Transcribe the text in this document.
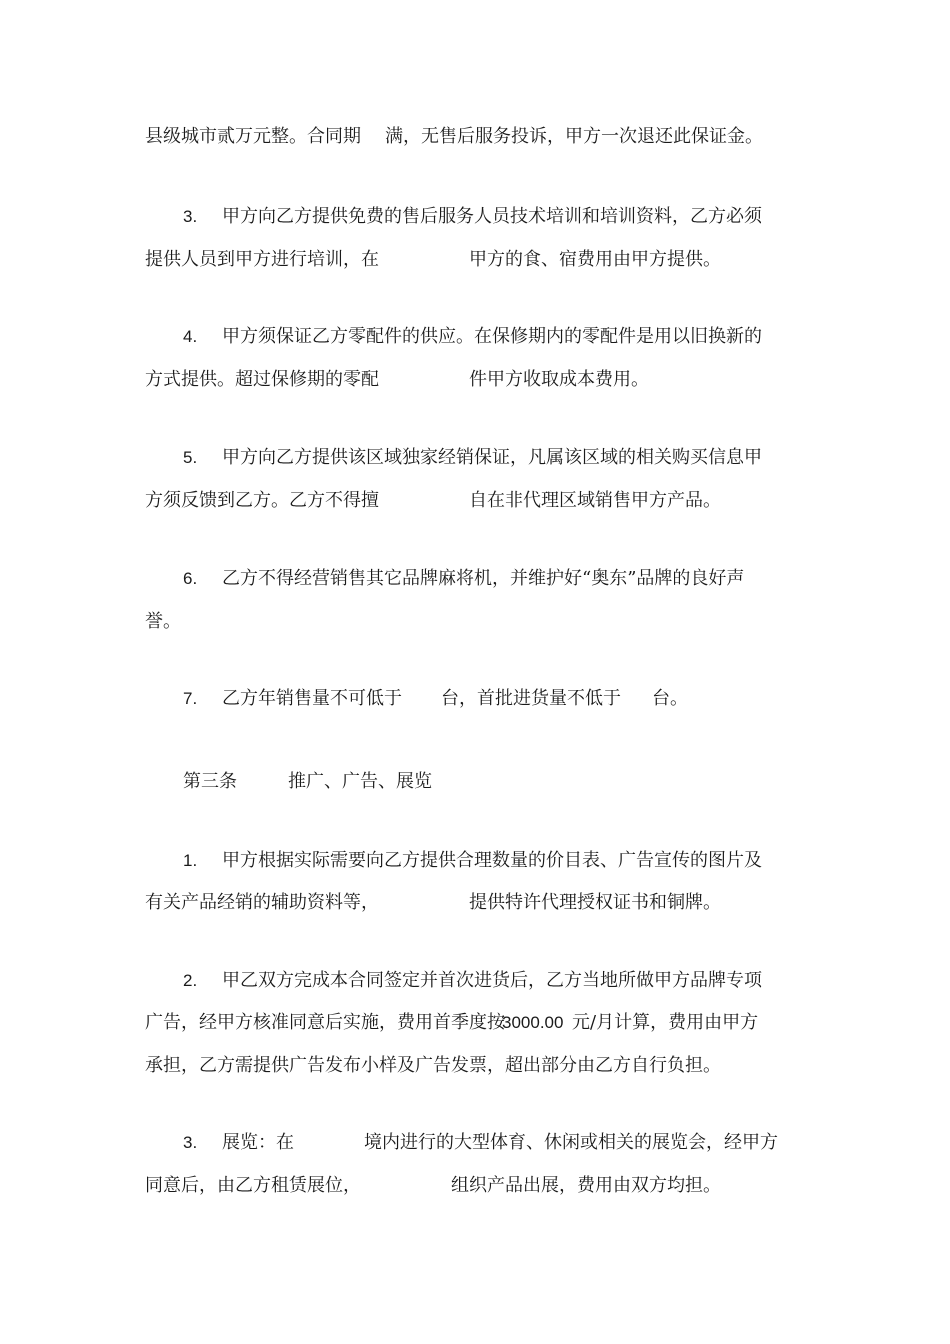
县级城市贰万元整。合同期 满，无售后服务投诉，甲方一次退还此保证金。
3. 甲方向乙方提供免费的售后服务人员技术培训和培训资料，乙方必须
提供人员到甲方进行培训，在	甲方的食、宿费用由甲方提供。
4. 甲方须保证乙方零配件的供应。在保修期内的零配件是用以旧换新的
方式提供。超过保修期的零配	件甲方收取成本费用。
5. 甲方向乙方提供该区域独家经销保证，凡属该区域的相关购买信息甲
方须反馈到乙方。乙方不得擅	自在非代理区域销售甲方产品。
6. 乙方不得经营销售其它品牌麻将机，并维护好“奥东”品牌的良好声
誉。
7. 乙方年销售量不可低于 台，首批进货量不低于 台。
第三条	推广、广告、展览
1. 甲方根据实际需要向乙方提供合理数量的价目表、广告宣传的图片及
有关产品经销的辅助资料等，	提供特许代理授权证书和铜牌。
2. 甲乙双方完成本合同签定并首次进货后，乙方当地所做甲方品牌专项
广告，经甲方核准同意后实施，费用首季度按
3000.00 元/月计算，费用由甲方
承担，乙方需提供广告发布小样及广告发票，超出部分由乙方自行负担。
3. 展览：在	境内进行的大型体育、休闲或相关的展览会，经甲方
同意后，由乙方租赁展位，	组织产品出展，费用由双方均担。
